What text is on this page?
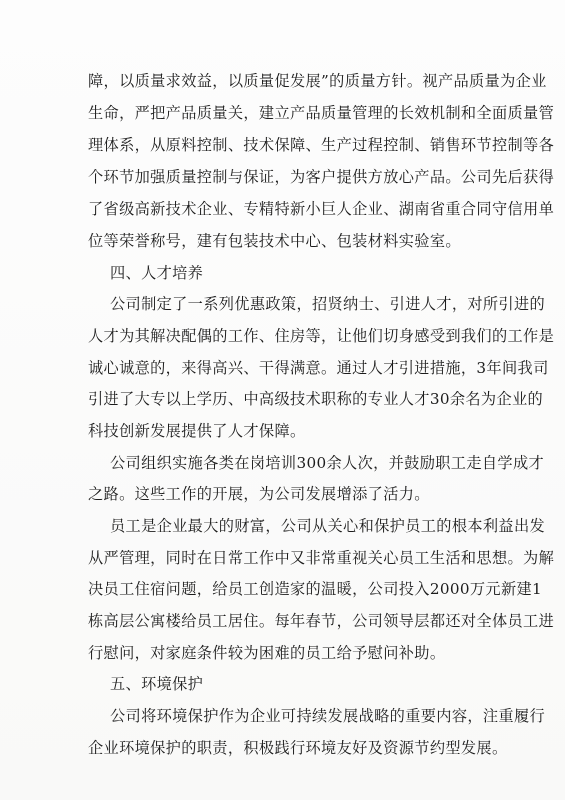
障，以质量求效益，以质量促发展”的质量方针。视产品质量为企业
生命，严把产品质量关，建立产品质量管理的长效机制和全面质量管
理体系，从原料控制、技术保障、生产过程控制、销售环节控制等各
个环节加强质量控制与保证，为客户提供方放心产品。公司先后获得
了省级高新技术企业、专精特新小巨人企业、湖南省重合同守信用单
位等荣誉称号，建有包装技术中心、包装材料实验室。
四、人才培养
公司制定了一系列优惠政策，招贤纳士、引进人才，对所引进的
人才为其解决配偶的工作、住房等，让他们切身感受到我们的工作是
诚心诚意的，来得高兴、干得满意。通过人才引进措施，3年间我司
引进了大专以上学历、中高级技术职称的专业人才30余名为企业的
科技创新发展提供了人才保障。
公司组织实施各类在岗培训300余人次，并鼓励职工走自学成才
之路。这些工作的开展，为公司发展增添了活力。
员工是企业最大的财富，公司从关心和保护员工的根本利益出发
从严管理，同时在日常工作中又非常重视关心员工生活和思想。为解
决员工住宿问题，给员工创造家的温暖，公司投入2000万元新建1
栋高层公寓楼给员工居住。每年春节，公司领导层都还对全体员工进
行慰问，对家庭条件较为困难的员工给予慰问补助。
五、环境保护
公司将环境保护作为企业可持续发展战略的重要内容，注重履行
企业环境保护的职责，积极践行环境友好及资源节约型发展。
